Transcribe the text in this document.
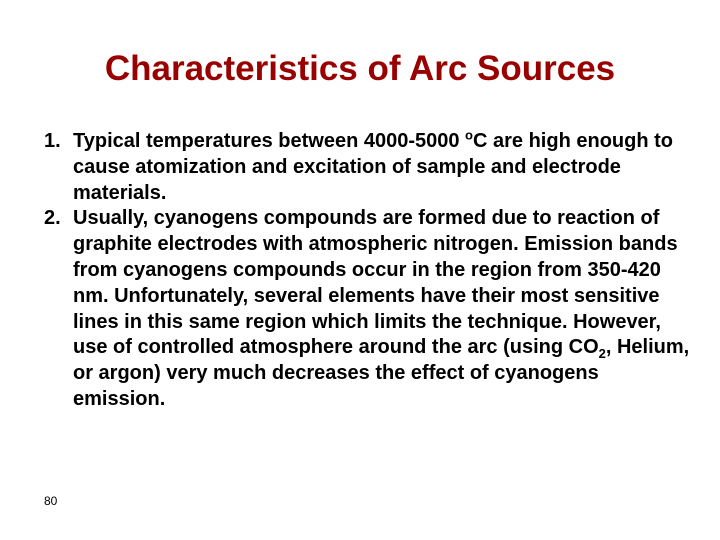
Characteristics of Arc Sources
1. Typical temperatures between 4000-5000 $^o$C are high enough to cause atomization and excitation of sample and electrode materials.
2. Usually, cyanogens compounds are formed due to reaction of graphite electrodes with atmospheric nitrogen. Emission bands from cyanogens compounds occur in the region from 350-420 nm. Unfortunately, several elements have their most sensitive lines in this same region which limits the technique. However, use of controlled atmosphere around the arc (using $CO_2$, Helium, or argon) very much decreases the effect of cyanogens emission.
80
